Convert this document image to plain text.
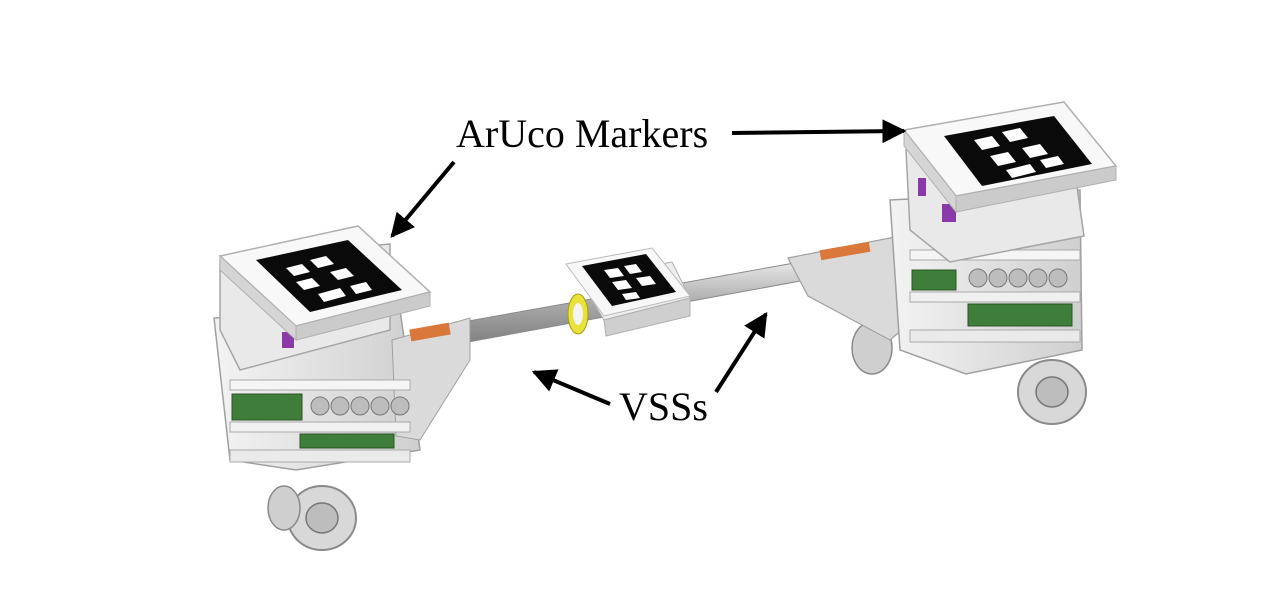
ArUco Markers
VSSs
